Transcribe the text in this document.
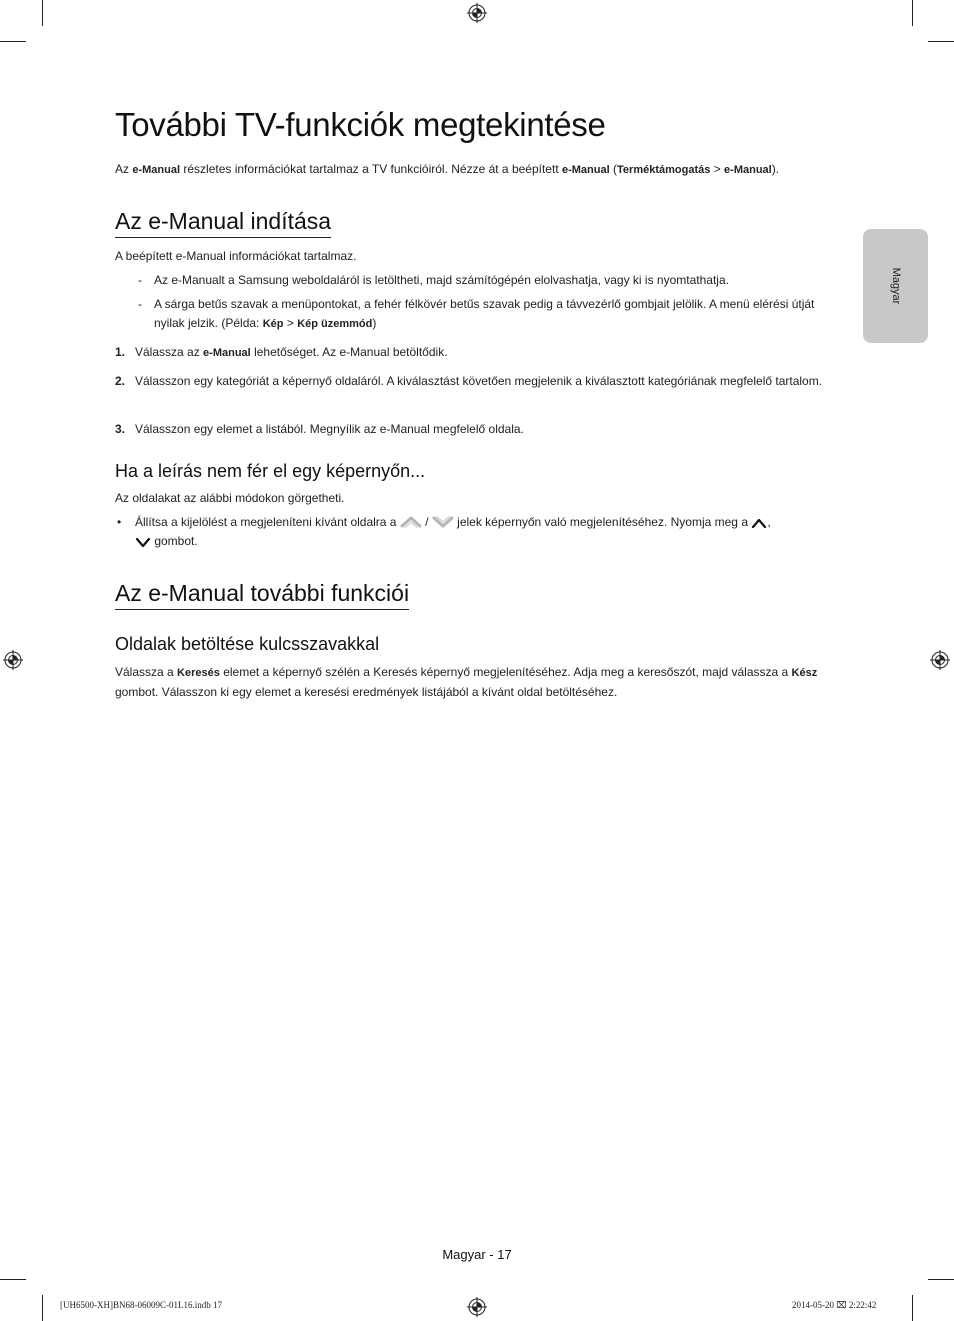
Magyar
További TV-funkciók megtekintése
Az e-Manual részletes információkat tartalmaz a TV funkcióiról. Nézze át a beépített e-Manual (Terméktámogatás > e-Manual).
Az e-Manual indítása
A beépített e-Manual információkat tartalmaz.
- Az e-Manualt a Samsung weboldaláról is letöltheti, majd számítógépén elolvashatja, vagy ki is nyomtathatja.
- A sárga betűs szavak a menüpontokat, a fehér félkövér betűs szavak pedig a távvezérlő gombjait jelölik. A menü elérési útját nyilak jelzik. (Példa: Kép > Kép üzemmód)
1. Válassza az e-Manual lehetőséget. Az e-Manual betöltődik.
2. Válasszon egy kategóriát a képernyő oldaláról. A kiválasztást követően megjelenik a kiválasztott kategóriának megfelelő tartalom.
3. Válasszon egy elemet a listából. Megnyílik az e-Manual megfelelő oldala.
Ha a leírás nem fér el egy képernyőn...
Az oldalakat az alábbi módokon görgetheti.
• Állítsa a kijelölést a megjeleníteni kívánt oldalra a  /  jelek képernyőn való megjelenítéséhez. Nyomja meg a ,
gombot.
Az e-Manual további funkciói
Oldalak betöltése kulcsszavakkal
Válassza a Keresés elemet a képernyő szélén a Keresés képernyő megjelenítéséhez. Adja meg a keresőszót, majd válassza a Kész gombot. Válasszon ki egy elemet a keresési eredmények listájából a kívánt oldal betöltéséhez.
Magyar - 17
[UH6500-XH]BN68-06009C-01L16.indb 17	2014-05-20 ⌧ 2:22:42
